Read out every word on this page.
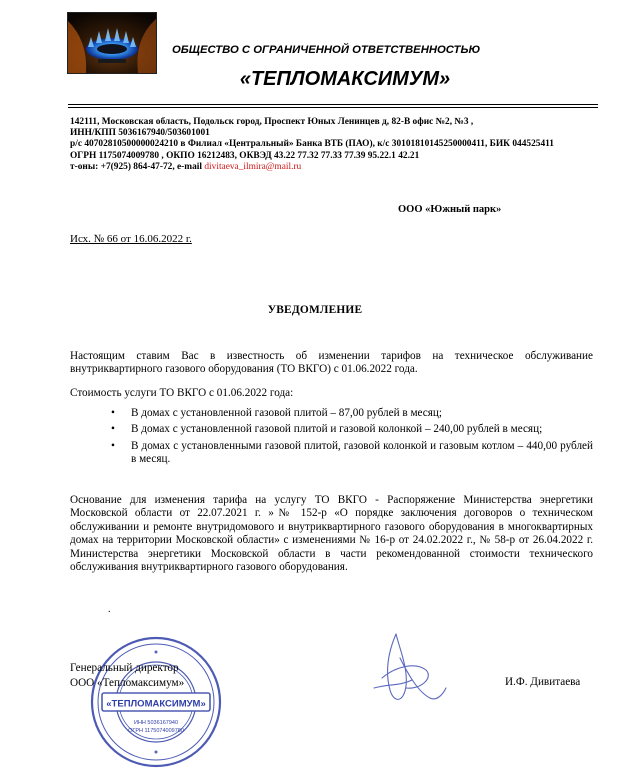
ОБЩЕСТВО С ОГРАНИЧЕННОЙ ОТВЕТСТВЕННОСТЬЮ
«ТЕПЛОМАКСИМУМ»
142111, Московская область, Подольск город, Проспект Юных Ленинцев д, 82-В офис №2, №3 ,
ИНН/КПП 5036167940/503601001
р/с 40702810500000024210 в Филиал «Центральный» Банка ВТБ (ПАО), к/с 30101810145250000411, БИК 044525411
ОГРН 1175074009780 , ОКПО 16212483, ОКВЭД 43.22 77.32 77.33 77.39 95.22.1 42.21
т-оны: +7(925) 864-47-72, e-mail divitaeva_ilmira@mail.ru
ООО «Южный парк»
Исх. № 66 от 16.06.2022 г.
УВЕДОМЛЕНИЕ
Настоящим ставим Вас в известность об изменении тарифов на техническое обслуживание внутриквартирного газового оборудования (ТО ВКГО) с 01.06.2022 года.
Стоимость услуги ТО ВКГО с 01.06.2022 года:
• В домах с установленной газовой плитой – 87,00 рублей в месяц;
• В домах с установленной газовой плитой и газовой колонкой – 240,00 рублей в месяц;
• В домах с установленными газовой плитой, газовой колонкой и газовым котлом – 440,00 рублей в месяц.
Основание для изменения тарифа на услугу ТО ВКГО - Распоряжение Министерства энергетики Московской области от 22.07.2021 г. »№ 152-р «О порядке заключения договоров о техническом обслуживании и ремонте внутридомового и внутриквартирного газового оборудования в многоквартирных домах на территории Московской области» с изменениями № 16-р от 24.02.2022 г., № 58-р от 26.04.2022 г. Министерства энергетики Московской области в части рекомендованной стоимости технического обслуживания внутриквартирного газового оборудования.
.
«ТЕПЛОМАКСИМУМ»
ИНН 5036167940
ОГРН 1175074009780
Генеральный директор
ООО «Тепломаксимум»	И.Ф. Дивитаева
